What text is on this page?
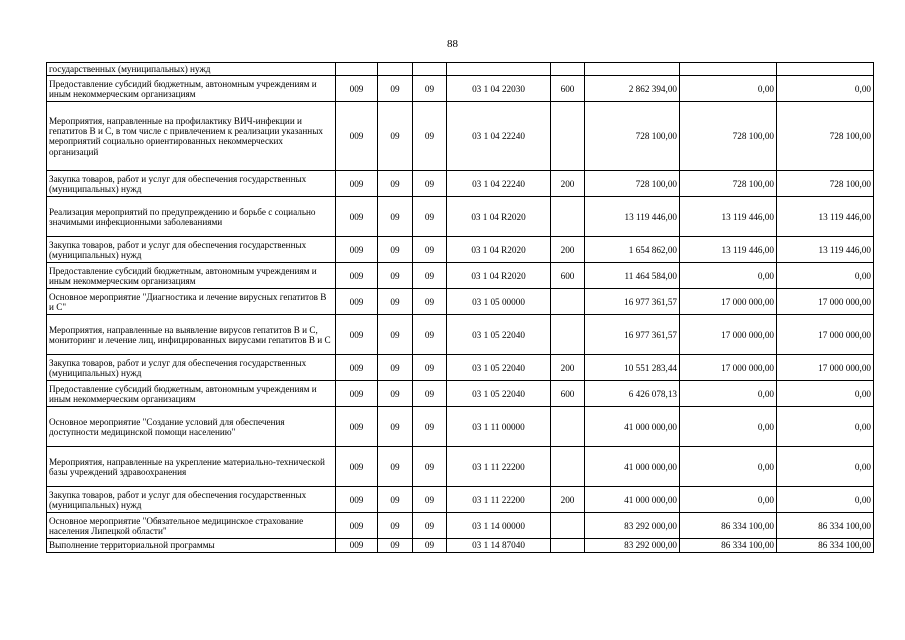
88
государственных (муниципальных) нужд								
Предоставление субсидий бюджетным, автономным учреждениям и иным некоммерческим организациям	009	09	09	03 1 04 22030	600	2 862 394,00	0,00	0,00
Мероприятия, направленные на профилактику ВИЧ-инфекции и гепатитов В и С, в том числе с привлечением к реализации указанных мероприятий социально ориентированных некоммерческих организаций	009	09	09	03 1 04 22240		728 100,00	728 100,00	728 100,00
Закупка товаров, работ и услуг для обеспечения государственных (муниципальных) нужд	009	09	09	03 1 04 22240	200	728 100,00	728 100,00	728 100,00
Реализация мероприятий по предупреждению и борьбе с социально значимыми инфекционными заболеваниями	009	09	09	03 1 04 R2020		13 119 446,00	13 119 446,00	13 119 446,00
Закупка товаров, работ и услуг для обеспечения государственных (муниципальных) нужд	009	09	09	03 1 04 R2020	200	1 654 862,00	13 119 446,00	13 119 446,00
Предоставление субсидий бюджетным, автономным учреждениям и иным некоммерческим организациям	009	09	09	03 1 04 R2020	600	11 464 584,00	0,00	0,00
Основное мероприятие "Диагностика и лечение вирусных гепатитов В и С"	009	09	09	03 1 05 00000		16 977 361,57	17 000 000,00	17 000 000,00
Мероприятия, направленные на выявление вирусов гепатитов В и С, мониторинг и лечение лиц, инфицированных вирусами гепатитов В и С	009	09	09	03 1 05 22040		16 977 361,57	17 000 000,00	17 000 000,00
Закупка товаров, работ и услуг для обеспечения государственных (муниципальных) нужд	009	09	09	03 1 05 22040	200	10 551 283,44	17 000 000,00	17 000 000,00
Предоставление субсидий бюджетным, автономным учреждениям и иным некоммерческим организациям	009	09	09	03 1 05 22040	600	6 426 078,13	0,00	0,00
Основное мероприятие "Создание условий для обеспечения доступности медицинской помощи населению"	009	09	09	03 1 11 00000		41 000 000,00	0,00	0,00
Мероприятия, направленные на укрепление материально-технической базы учреждений здравоохранения	009	09	09	03 1 11 22200		41 000 000,00	0,00	0,00
Закупка товаров, работ и услуг для обеспечения государственных (муниципальных) нужд	009	09	09	03 1 11 22200	200	41 000 000,00	0,00	0,00
Основное мероприятие "Обязательное медицинское страхование населения Липецкой области"	009	09	09	03 1 14 00000		83 292 000,00	86 334 100,00	86 334 100,00
Выполнение территориальной программы	009	09	09	03 1 14 87040		83 292 000,00	86 334 100,00	86 334 100,00
